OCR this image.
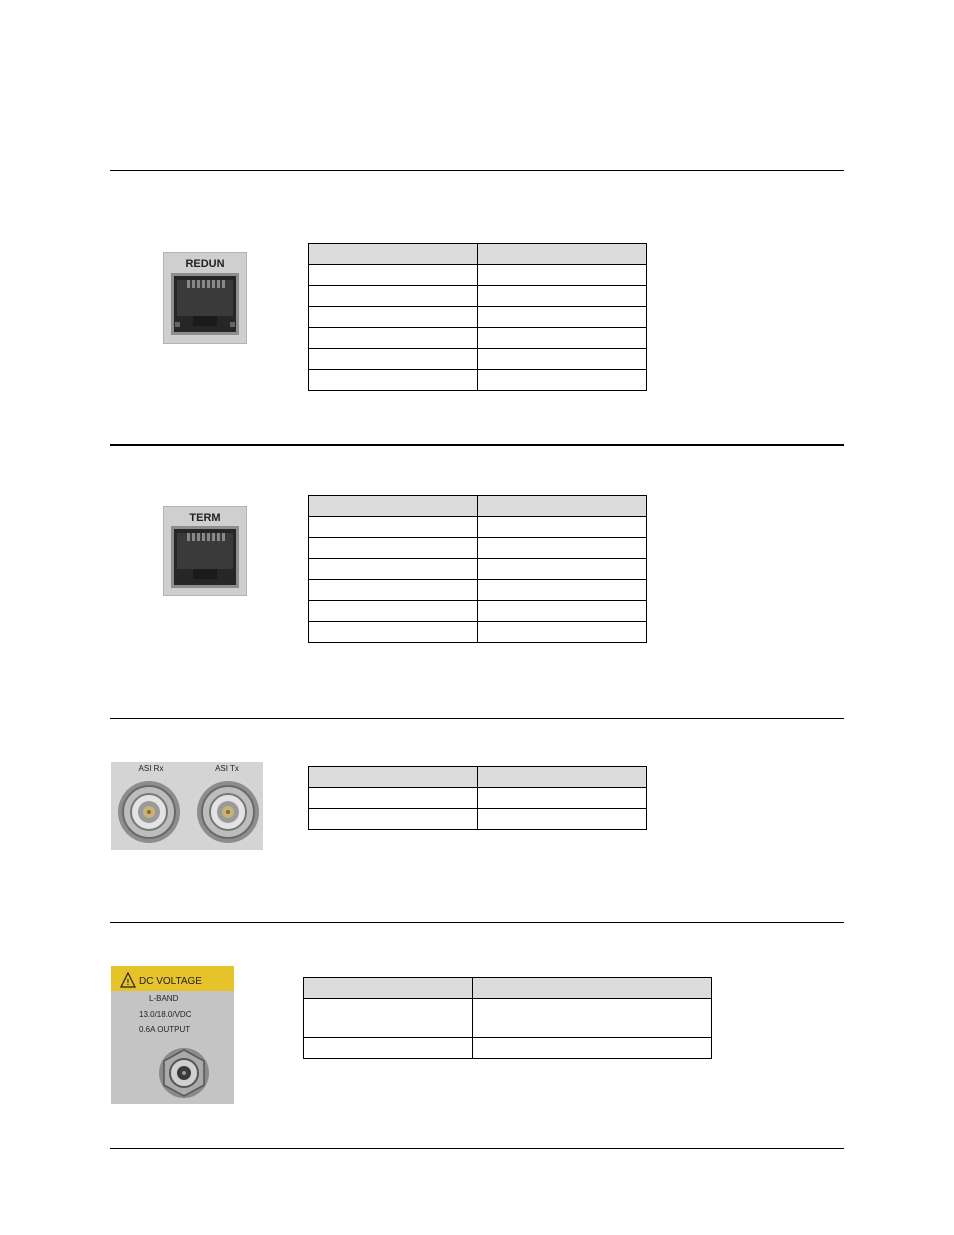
REDUN

TERM

ASI Rx	ASI Tx

! DC VOLTAGE
L-BAND
13.0/18.0/VDC
0.6A OUTPUT
